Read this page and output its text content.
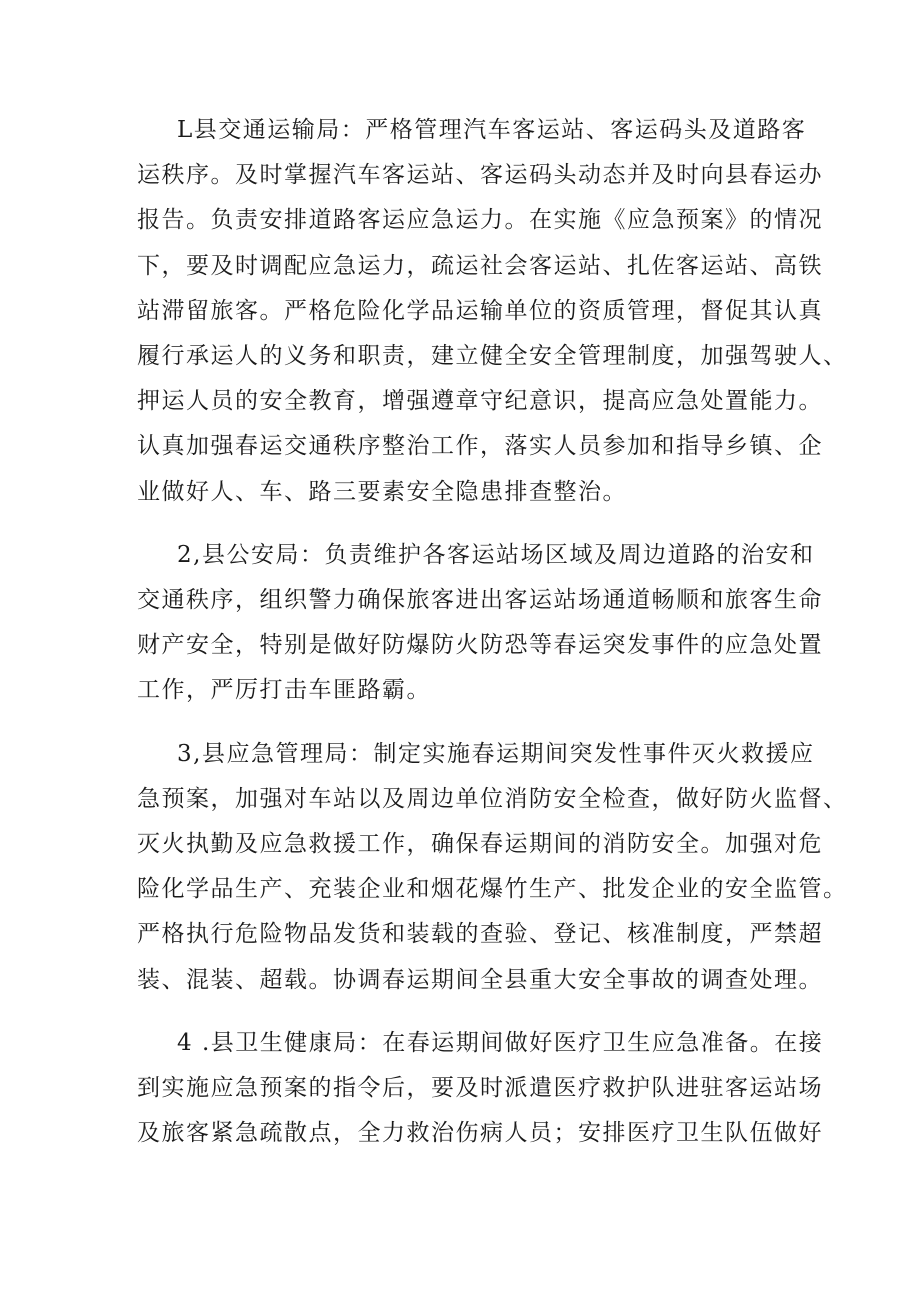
L县交通运输局：严格管理汽车客运站、客运码头及道路客
运秩序。及时掌握汽车客运站、客运码头动态并及时向县春运办
报告。负责安排道路客运应急运力。在实施《应急预案》的情况
下，要及时调配应急运力，疏运社会客运站、扎佐客运站、高铁
站滞留旅客。严格危险化学品运输单位的资质管理，督促其认真
履行承运人的义务和职责，建立健全安全管理制度，加强驾驶人、
押运人员的安全教育，增强遵章守纪意识，提高应急处置能力。
认真加强春运交通秩序整治工作，落实人员参加和指导乡镇、企
业做好人、车、路三要素安全隐患排查整治。

2,县公安局：负责维护各客运站场区域及周边道路的治安和
交通秩序，组织警力确保旅客进出客运站场通道畅顺和旅客生命
财产安全，特别是做好防爆防火防恐等春运突发事件的应急处置
工作，严厉打击车匪路霸。

3,县应急管理局：制定实施春运期间突发性事件灭火救援应
急预案，加强对车站以及周边单位消防安全检查，做好防火监督、
灭火执勤及应急救援工作，确保春运期间的消防安全。加强对危
险化学品生产、充装企业和烟花爆竹生产、批发企业的安全监管。
严格执行危险物品发货和装载的查验、登记、核准制度，严禁超
装、混装、超载。协调春运期间全县重大安全事故的调查处理。

4 .县卫生健康局：在春运期间做好医疗卫生应急准备。在接
到实施应急预案的指令后，要及时派遣医疗救护队进驻客运站场
及旅客紧急疏散点，全力救治伤病人员；安排医疗卫生队伍做好
